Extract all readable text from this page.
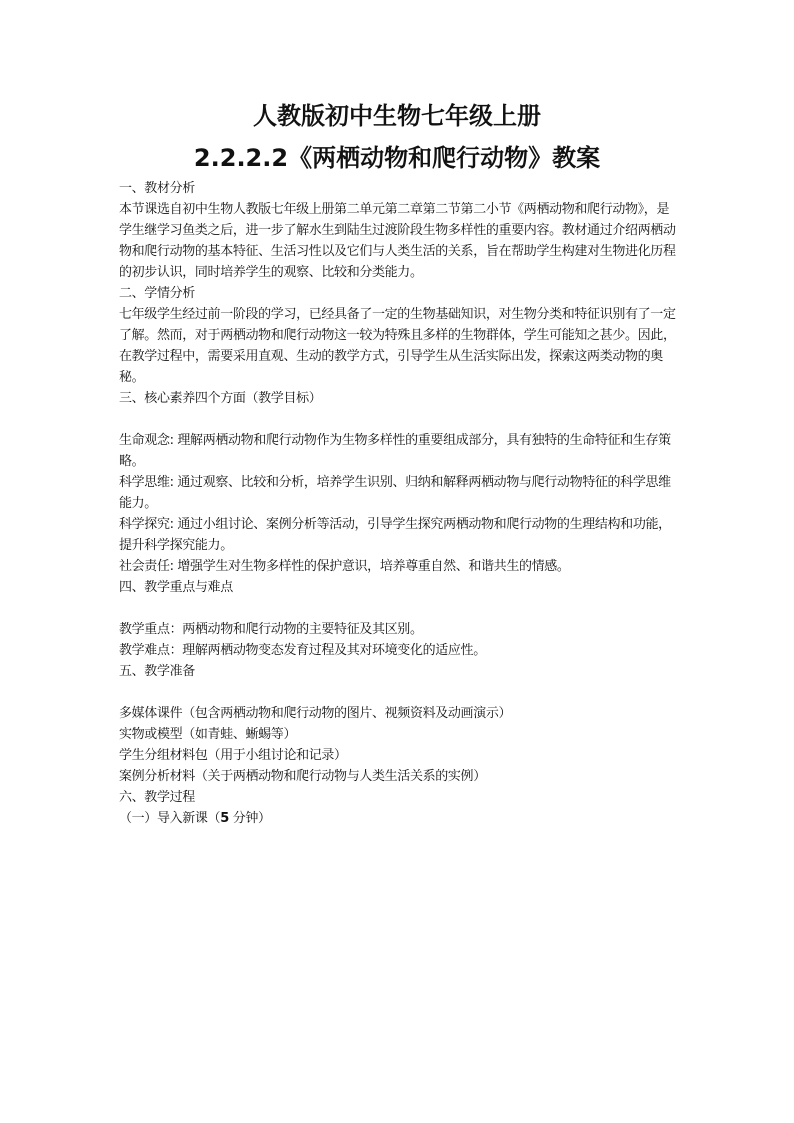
人教版初中生物七年级上册
2.2.2.2《两栖动物和爬行动物》教案

一、教材分析

本节课选自初中生物人教版七年级上册第二单元第二章第二节第二小节《两栖动物和爬行动物》，是学生继学习鱼类之后，进一步了解水生到陆生过渡阶段生物多样性的重要内容。教材通过介绍两栖动物和爬行动物的基本特征、生活习性以及它们与人类生活的关系，旨在帮助学生构建对生物进化历程的初步认识，同时培养学生的观察、比较和分类能力。

二、学情分析

七年级学生经过前一阶段的学习，已经具备了一定的生物基础知识，对生物分类和特征识别有了一定了解。然而，对于两栖动物和爬行动物这一较为特殊且多样的生物群体，学生可能知之甚少。因此，在教学过程中，需要采用直观、生动的教学方式，引导学生从生活实际出发，探索这两类动物的奥秘。

三、核心素养四个方面（教学目标）

生命观念: 理解两栖动物和爬行动物作为生物多样性的重要组成部分，具有独特的生命特征和生存策略。

科学思维: 通过观察、比较和分析，培养学生识别、归纳和解释两栖动物与爬行动物特征的科学思维能力。

科学探究: 通过小组讨论、案例分析等活动，引导学生探究两栖动物和爬行动物的生理结构和功能，提升科学探究能力。

社会责任: 增强学生对生物多样性的保护意识，培养尊重自然、和谐共生的情感。

四、教学重点与难点

教学重点：两栖动物和爬行动物的主要特征及其区别。

教学难点：理解两栖动物变态发育过程及其对环境变化的适应性。

五、教学准备

多媒体课件（包含两栖动物和爬行动物的图片、视频资料及动画演示）

实物或模型（如青蛙、蜥蜴等）

学生分组材料包（用于小组讨论和记录）

案例分析材料（关于两栖动物和爬行动物与人类生活关系的实例）

六、教学过程

（一）导入新课（5 分钟）
